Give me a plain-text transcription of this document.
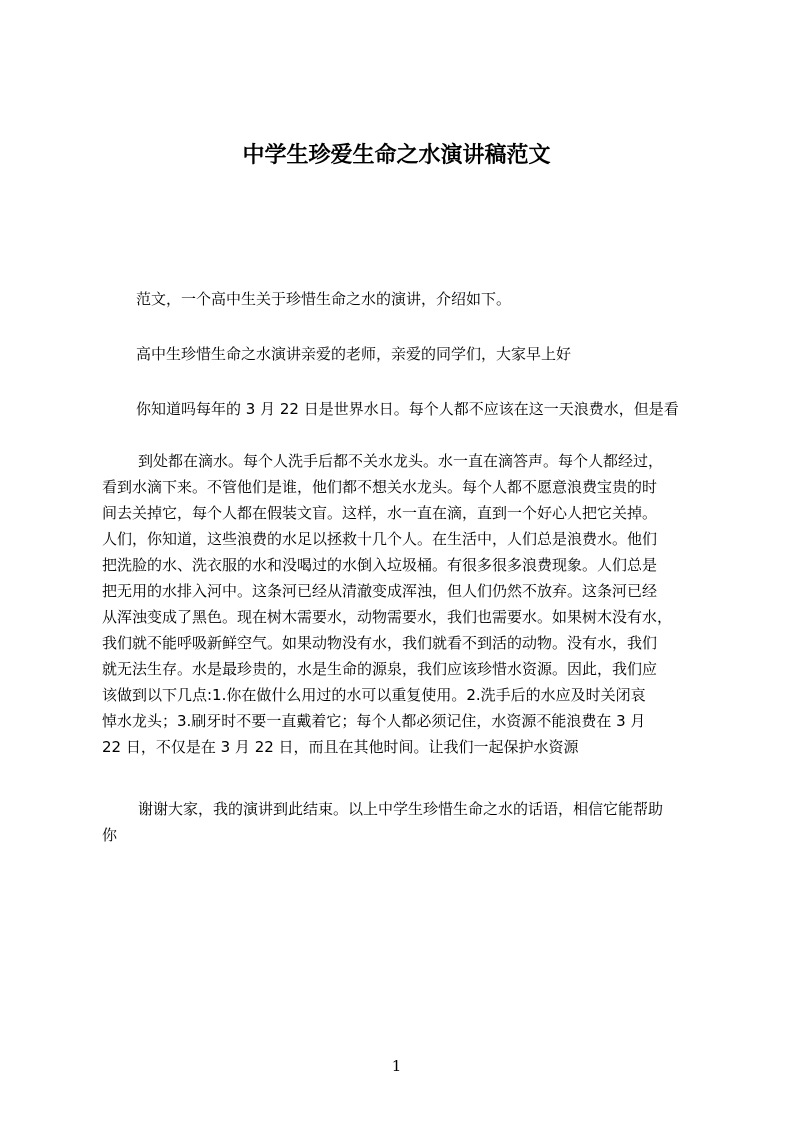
中学生珍爱生命之水演讲稿范文
范文，一个高中生关于珍惜生命之水的演讲，介绍如下。
高中生珍惜生命之水演讲亲爱的老师，亲爱的同学们，大家早上好
你知道吗每年的 3 月 22 日是世界水日。每个人都不应该在这一天浪费水，但是看
到处都在滴水。每个人洗手后都不关水龙头。水一直在滴答声。每个人都经过，
看到水滴下来。不管他们是谁，他们都不想关水龙头。每个人都不愿意浪费宝贵的时
间去关掉它，每个人都在假装文盲。这样，水一直在滴，直到一个好心人把它关掉。
人们，你知道，这些浪费的水足以拯救十几个人。在生活中，人们总是浪费水。他们
把洗脸的水、洗衣服的水和没喝过的水倒入垃圾桶。有很多很多浪费现象。人们总是
把无用的水排入河中。这条河已经从清澈变成浑浊，但人们仍然不放弃。这条河已经
从浑浊变成了黑色。现在树木需要水，动物需要水，我们也需要水。如果树木没有水，
我们就不能呼吸新鲜空气。如果动物没有水，我们就看不到活的动物。没有水，我们
就无法生存。水是最珍贵的，水是生命的源泉，我们应该珍惜水资源。因此，我们应
该做到以下几点:1.你在做什么用过的水可以重复使用。2.洗手后的水应及时关闭哀
悼水龙头；3.刷牙时不要一直戴着它；每个人都必须记住，水资源不能浪费在 3 月
22 日，不仅是在 3 月 22 日，而且在其他时间。让我们一起保护水资源
谢谢大家，我的演讲到此结束。以上中学生珍惜生命之水的话语，相信它能帮助
你
1
